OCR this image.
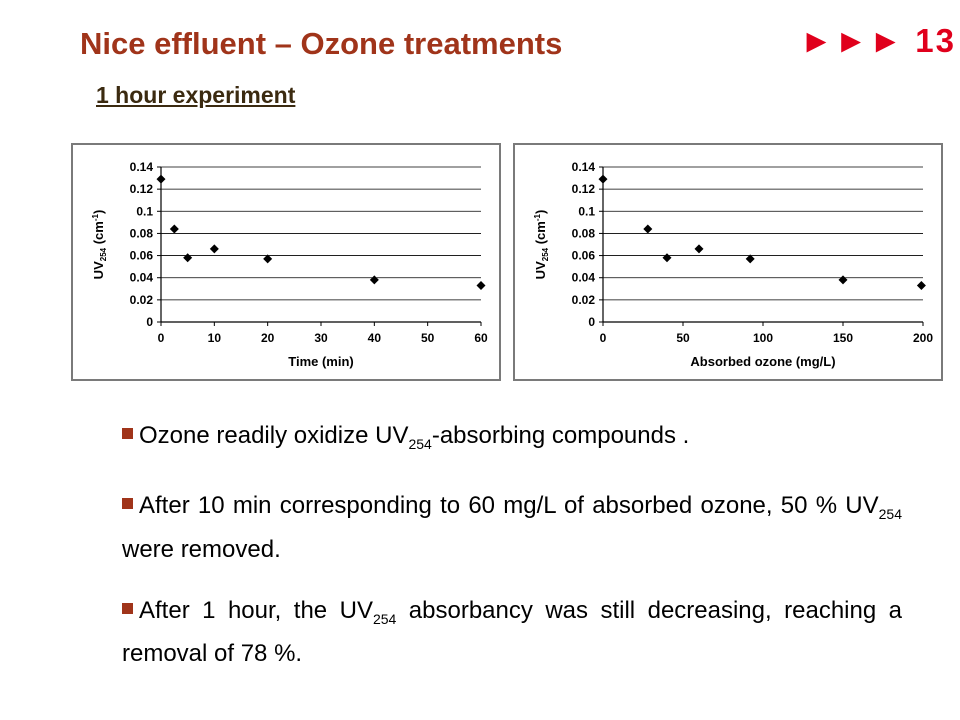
Nice effluent – Ozone treatments	►►► 13
1 hour experiment
0
0.02
0.04
0.06
0.08
0.1
0.12
0.14
0	10	20	30	40	50	60
Time (min)
$UV_{254}$ $(cm^{-1})$
0
0.02
0.04
0.06
0.08
0.1
0.12
0.14
0	50	100	150	200
Absorbed ozone (mg/L)
$UV_{254}$ $(cm^{-1})$

Ozone readily oxidize $UV_{254}$-absorbing compounds .

After 10 min corresponding to 60 mg/L of absorbed ozone, 50 % $UV_{254}$ were removed.

After 1 hour, the $UV_{254}$ absorbancy was still decreasing, reaching a removal of 78 %.
